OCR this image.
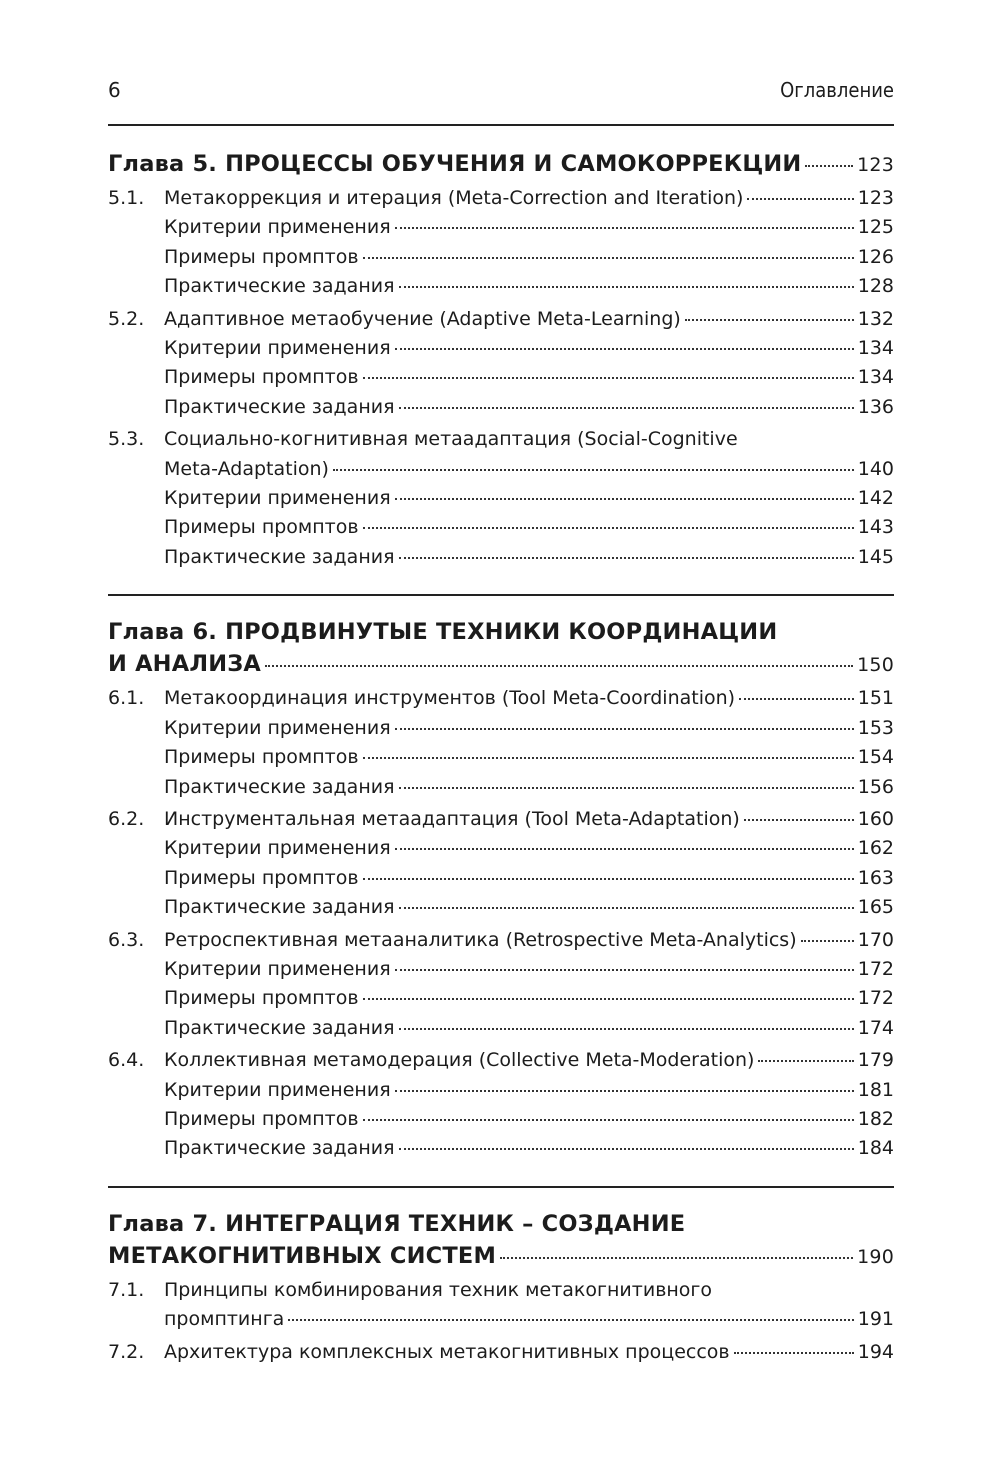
6	Оглавление
Глава 5. ПРОЦЕССЫ ОБУЧЕНИЯ И САМОКОРРЕКЦИИ	123
5.1.	Метакоррекция и итерация (Meta-Correction and Iteration)	123
Критерии применения	125
Примеры промптов	126
Практические задания	128
5.2.	Адаптивное метаобучение (Adaptive Meta-Learning)	132
Критерии применения	134
Примеры промптов	134
Практические задания	136
5.3.	Социально-когнитивная метаадаптация (Social-Cognitive
Meta-Adaptation)	140
Критерии применения	142
Примеры промптов	143
Практические задания	145
Глава 6. ПРОДВИНУТЫЕ ТЕХНИКИ КООРДИНАЦИИ
И АНАЛИЗА	150
6.1.	Метакоординация инструментов (Tool Meta-Coordination)	151
Критерии применения	153
Примеры промптов	154
Практические задания	156
6.2.	Инструментальная метаадаптация (Tool Meta-Adaptation)	160
Критерии применения	162
Примеры промптов	163
Практические задания	165
6.3.	Ретроспективная метааналитика (Retrospective Meta-Analytics)	170
Критерии применения	172
Примеры промптов	172
Практические задания	174
6.4.	Коллективная метамодерация (Collective Meta-Moderation)	179
Критерии применения	181
Примеры промптов	182
Практические задания	184
Глава 7. ИНТЕГРАЦИЯ ТЕХНИК – СОЗДАНИЕ
МЕТАКОГНИТИВНЫХ СИСТЕМ	190
7.1.	Принципы комбинирования техник метакогнитивного
промптинга	191
7.2.	Архитектура комплексных метакогнитивных процессов	194
